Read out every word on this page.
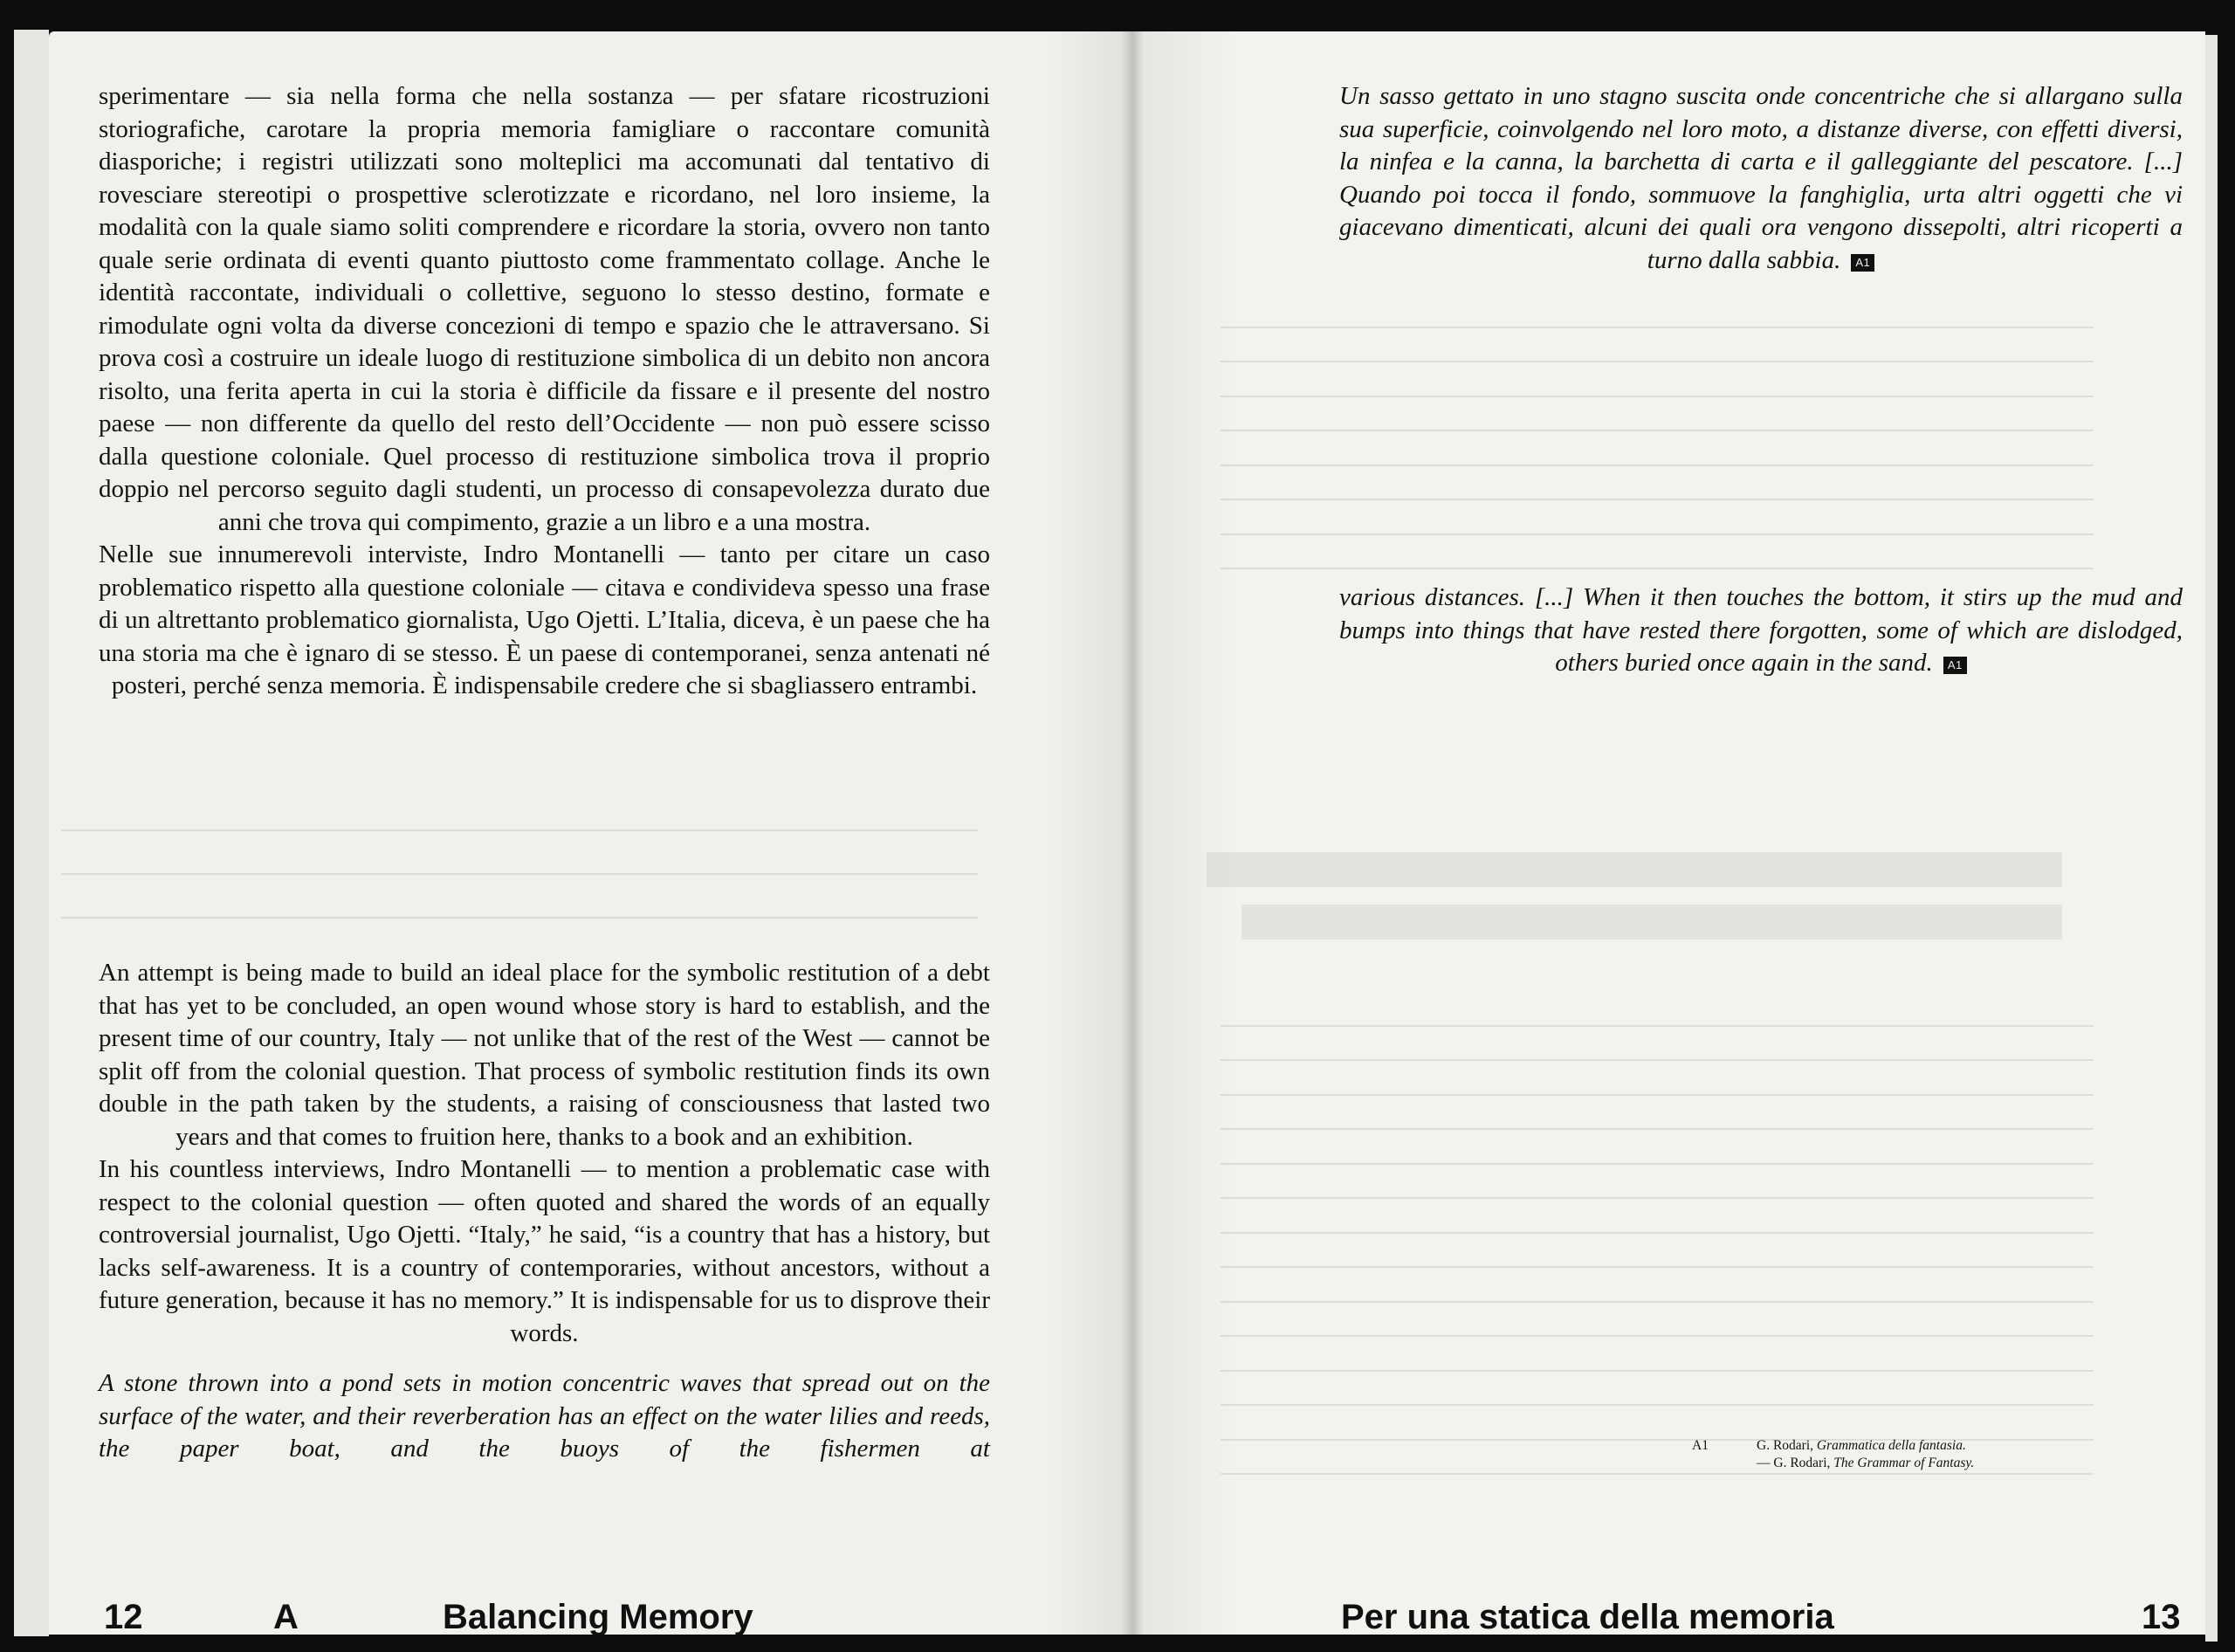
sperimentare — sia nella forma che nella sostanza — per sfatare ricostruzioni storiografiche, carotare la propria memoria famigliare o raccontare comunità diasporiche; i registri utilizzati sono molteplici ma accomunati dal tentativo di rovesciare stereotipi o prospettive sclerotizzate e ricordano, nel loro insieme, la modalità con la quale siamo soliti comprendere e ricordare la storia, ovvero non tanto quale serie ordinata di eventi quanto piuttosto come frammentato collage. Anche le identità raccontate, individuali o collettive, seguono lo stesso destino, formate e rimodulate ogni volta da diverse concezioni di tempo e spazio che le attraversano. Si prova così a costruire un ideale luogo di restituzione simbolica di un debito non ancora risolto, una ferita aperta in cui la storia è difficile da fissare e il presente del nostro paese — non differente da quello del resto dell’Occidente — non può essere scisso dalla questione coloniale. Quel processo di restituzione simbolica trova il proprio doppio nel percorso seguito dagli studenti, un processo di consapevolezza durato due anni che trova qui compimento, grazie a un libro e a una mostra.

Nelle sue innumerevoli interviste, Indro Montanelli — tanto per citare un caso problematico rispetto alla questione coloniale — citava e condivideva spesso una frase di un altrettanto problematico giornalista, Ugo Ojetti. L’Italia, diceva, è un paese che ha una storia ma che è ignaro di se stesso. È un paese di contemporanei, senza antenati né posteri, perché senza memoria. È indispensabile credere che si sbagliassero entrambi.

An attempt is being made to build an ideal place for the symbolic restitution of a debt that has yet to be concluded, an open wound whose story is hard to establish, and the present time of our country, Italy — not unlike that of the rest of the West — cannot be split off from the colonial question. That process of symbolic restitution finds its own double in the path taken by the students, a raising of consciousness that lasted two years and that comes to fruition here, thanks to a book and an exhibition.

In his countless interviews, Indro Montanelli — to mention a problematic case with respect to the colonial question — often quoted and shared the words of an equally controversial journalist, Ugo Ojetti. “Italy,” he said, “is a country that has a history, but lacks self-awareness. It is a country of contemporaries, without ancestors, without a future generation, because it has no memory.” It is indispensable for us to disprove their words.

A stone thrown into a pond sets in motion concentric waves that spread out on the surface of the water, and their reverberation has an effect on the water lilies and reeds, the paper boat, and the buoys of the fishermen at

12	A	Balancing Memory

Un sasso gettato in uno stagno suscita onde concentriche che si allargano sulla sua superficie, coinvolgendo nel loro moto, a distanze diverse, con effetti diversi, la ninfea e la canna, la barchetta di carta e il galleggiante del pescatore. [...] Quando poi tocca il fondo, sommuove la fanghiglia, urta altri oggetti che vi giacevano dimenticati, alcuni dei quali ora vengono dissepolti, altri ricoperti a turno dalla sabbia. A1

various distances. [...] When it then touches the bottom, it stirs up the mud and bumps into things that have rested there forgotten, some of which are dislodged, others buried once again in the sand. A1

A1	G. Rodari, Grammatica della fantasia.
— G. Rodari, The Grammar of Fantasy.
Per una statica della memoria	13
